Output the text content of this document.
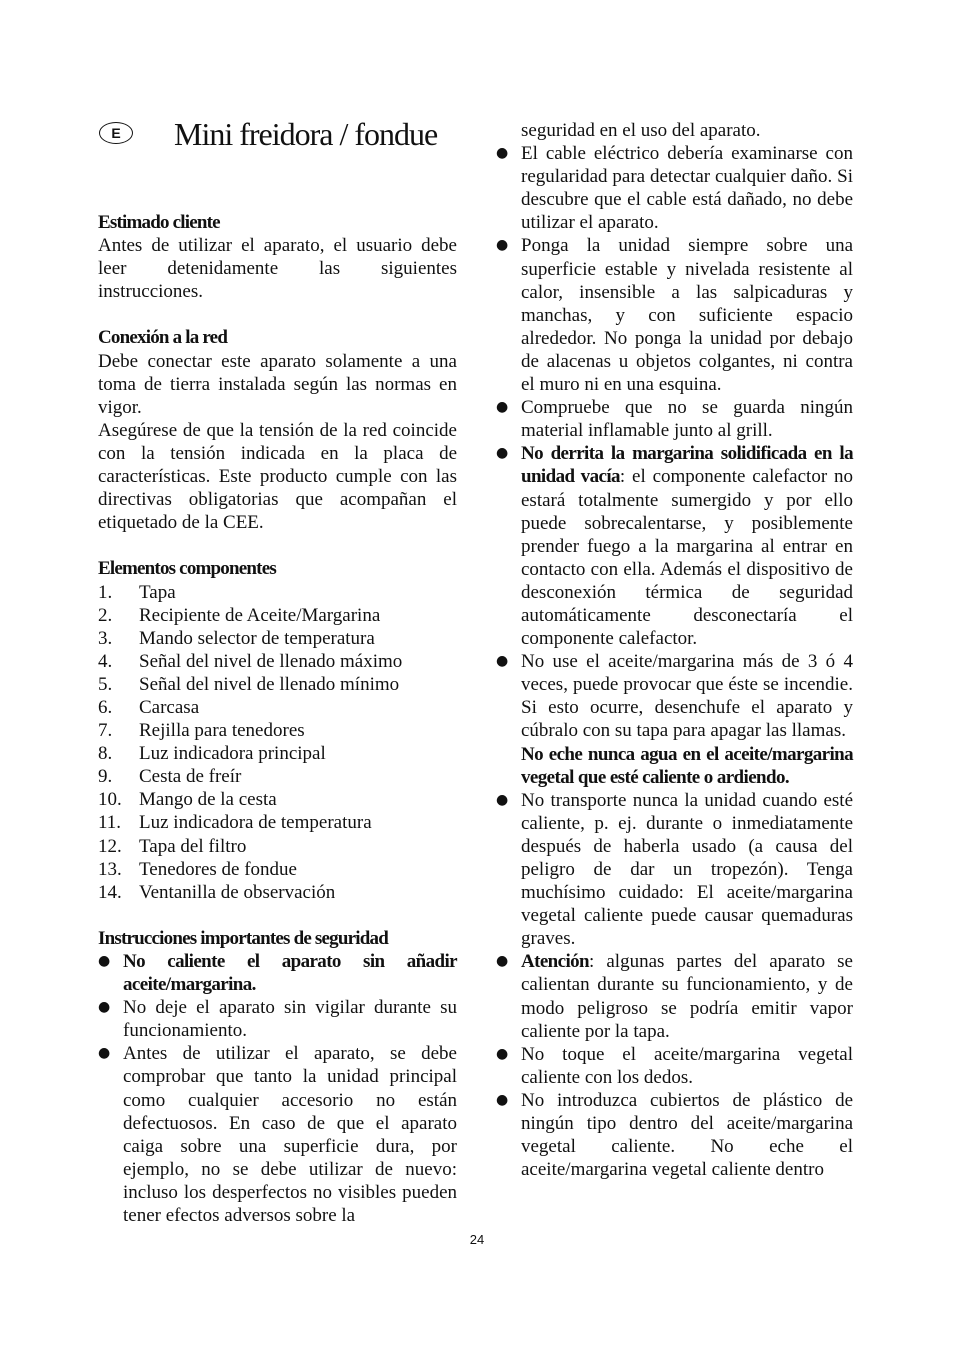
E	Mini freidora / fondue

Estimado cliente

Antes de utilizar el aparato, el usuario debe leer detenidamente las siguientes instrucciones.

Conexión a la red

Debe conectar este aparato solamente a una toma de tierra instalada según las normas en vigor.

Asegúrese de que la tensión de la red coincide con la tensión indicada en la placa de características. Este producto cumple con las directivas obligatorias que acompañan el etiquetado de la CEE.

Elementos componentes

1.	Tapa
2.	Recipiente de Aceite/Margarina
3.	Mando selector de temperatura
4.	Señal del nivel de llenado máximo
5.	Señal del nivel de llenado mínimo
6.	Carcasa
7.	Rejilla para tenedores
8.	Luz indicadora principal
9.	Cesta de freír
10. Mango de la cesta
11. Luz indicadora de temperatura
12. Tapa del filtro
13. Tenedores de fondue
14. Ventanilla de observación

Instrucciones importantes de seguridad

● No caliente el aparato sin añadir aceite/margarina.
● No deje el aparato sin vigilar durante su funcionamiento.
● Antes de utilizar el aparato, se debe comprobar que tanto la unidad principal como cualquier accesorio no están defectuosos. En caso de que el aparato caiga sobre una superficie dura, por ejemplo, no se debe utilizar de nuevo: incluso los desperfectos no visibles pueden tener efectos adversos sobre la
seguridad en el uso del aparato.
● El cable eléctrico debería examinarse con regularidad para detectar cualquier daño. Si descubre que el cable está dañado, no debe utilizar el aparato.
● Ponga la unidad siempre sobre una superficie estable y nivelada resistente al calor, insensible a las salpicaduras y manchas, y con suficiente espacio alrededor. No ponga la unidad por debajo de alacenas u objetos colgantes, ni contra el muro ni en una esquina.
● Compruebe que no se guarda ningún material inflamable junto al grill.
● No derrita la margarina solidificada en la unidad vacía: el componente calefactor no estará totalmente sumergido y por ello puede sobrecalentarse, y posiblemente prender fuego a la margarina al entrar en contacto con ella. Además el dispositivo de desconexión térmica de seguridad automáticamente desconectaría el componente calefactor.
● No use el aceite/margarina más de 3 ó 4 veces, puede provocar que éste se incendie. Si esto ocurre, desenchufe el aparato y cúbralo con su tapa para apagar las llamas.
No eche nunca agua en el aceite/margarina vegetal que esté caliente o ardiendo.
● No transporte nunca la unidad cuando esté caliente, p. ej. durante o inmediatamente después de haberla usado (a causa del peligro de dar un tropezón). Tenga muchísimo cuidado: El aceite/margarina vegetal caliente puede causar quemaduras graves.
● Atención: algunas partes del aparato se calientan durante su funcionamiento, y de modo peligroso se podría emitir vapor caliente por la tapa.
● No toque el aceite/margarina vegetal caliente con los dedos.
● No introduzca cubiertos de plástico de ningún tipo dentro del aceite/margarina vegetal caliente. No eche el aceite/margarina vegetal caliente dentro
24
